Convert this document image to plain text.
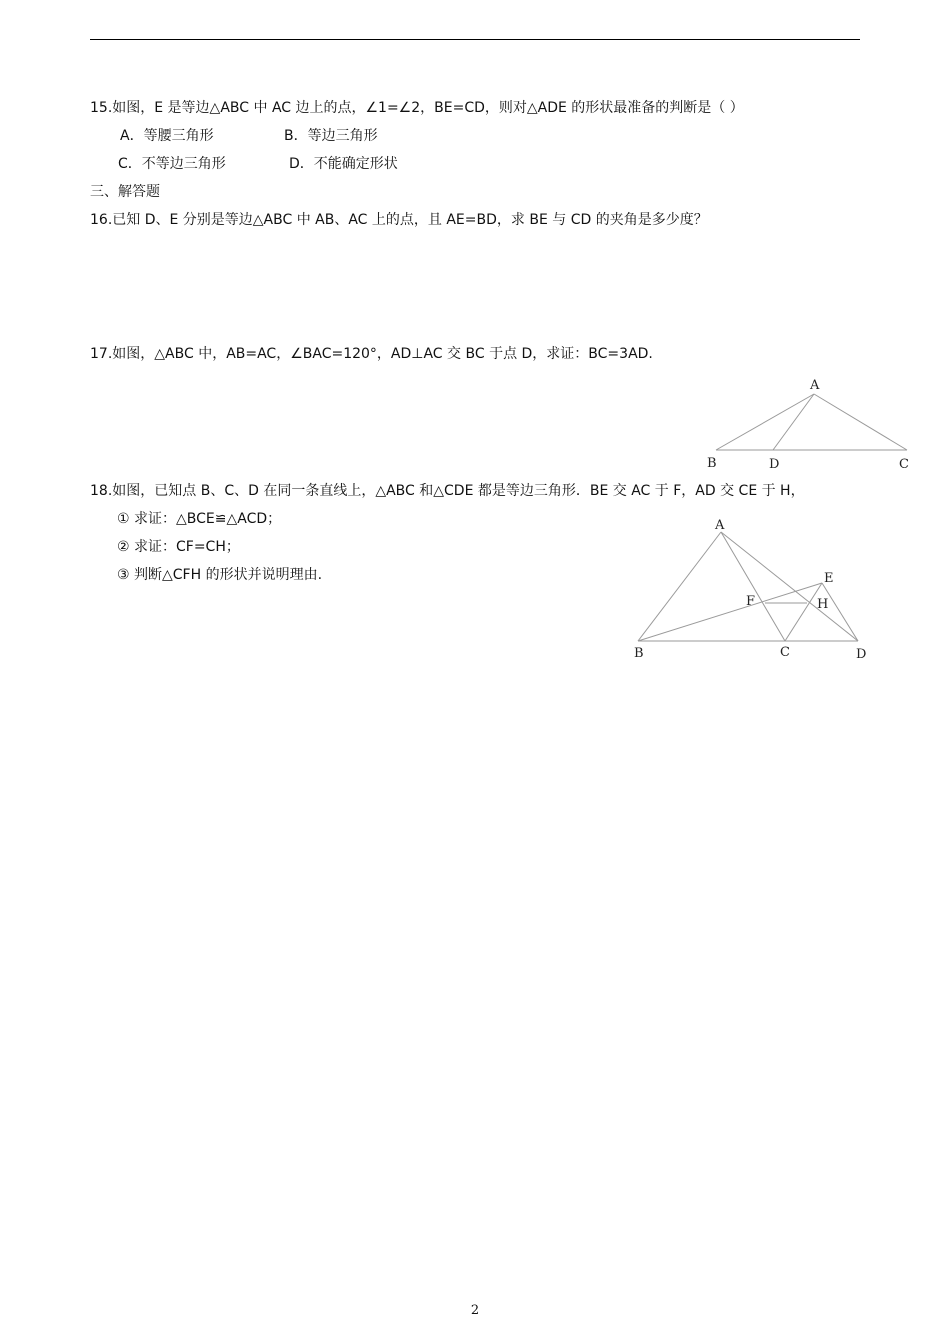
15.如图，E 是等边△ABC 中 AC 边上的点，∠1=∠2，BE=CD，则对△ADE 的形状最准备的判断是（ ）
A．等腰三角形	B．等边三角形
C．不等边三角形	D．不能确定形状
三、解答题
16.已知 D、E 分别是等边△ABC 中 AB、AC 上的点，且 AE=BD，求 BE 与 CD 的夹角是多少度？
17.如图，△ABC 中，AB=AC，∠BAC=120°，AD⊥AC 交 BC 于点 D，求证：BC=3AD.
A
B	D	C
18.如图，已知点 B、C、D 在同一条直线上，△ABC 和△CDE 都是等边三角形．BE 交 AC 于 F，AD 交 CE 于 H，
① 求证：△BCE≌△ACD；
② 求证：CF=CH；
③ 判断△CFH 的形状并说明理由.
A
E
F	H
B	C	D
2
